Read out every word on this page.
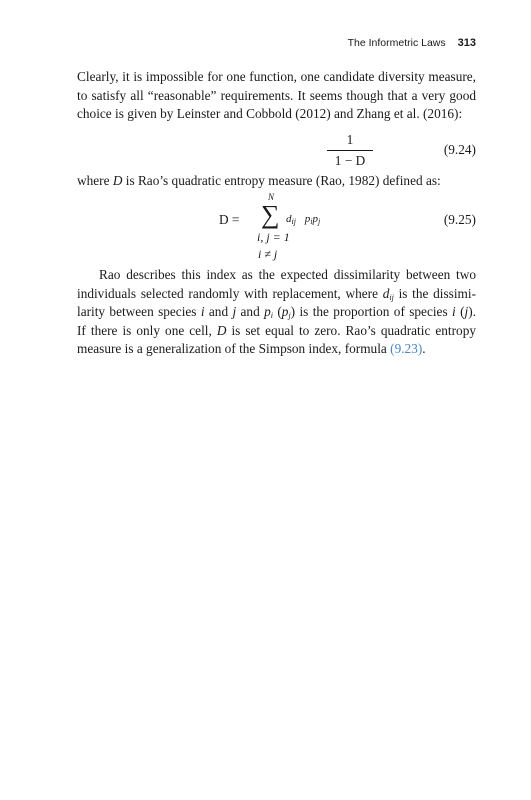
The Informetric Laws 313
Clearly, it is impossible for one function, one candidate diversity measure,
to satisfy all “reasonable” requirements. It seems though that a very good
choice is given by Leinster and Cobbold (2012) and Zhang et al. (2016):
1
1 − D
(9.24)
where D is Rao’s quadratic entropy measure (Rao, 1982) defined as:
D =
N
∑ $d_{ij}$ $p_ip_j$
i, j = 1
i ≠ j
(9.25)
Rao describes this index as the expected dissimilarity between two
individuals selected randomly with replacement, where $d_{ij}$ is the dissimi-
larity between species i and j and $p_i$ $(p_j)$ is the proportion of species i (j).
If there is only one cell, D is set equal to zero. Rao’s quadratic entropy
measure is a generalization of the Simpson index, formula (9.23).
